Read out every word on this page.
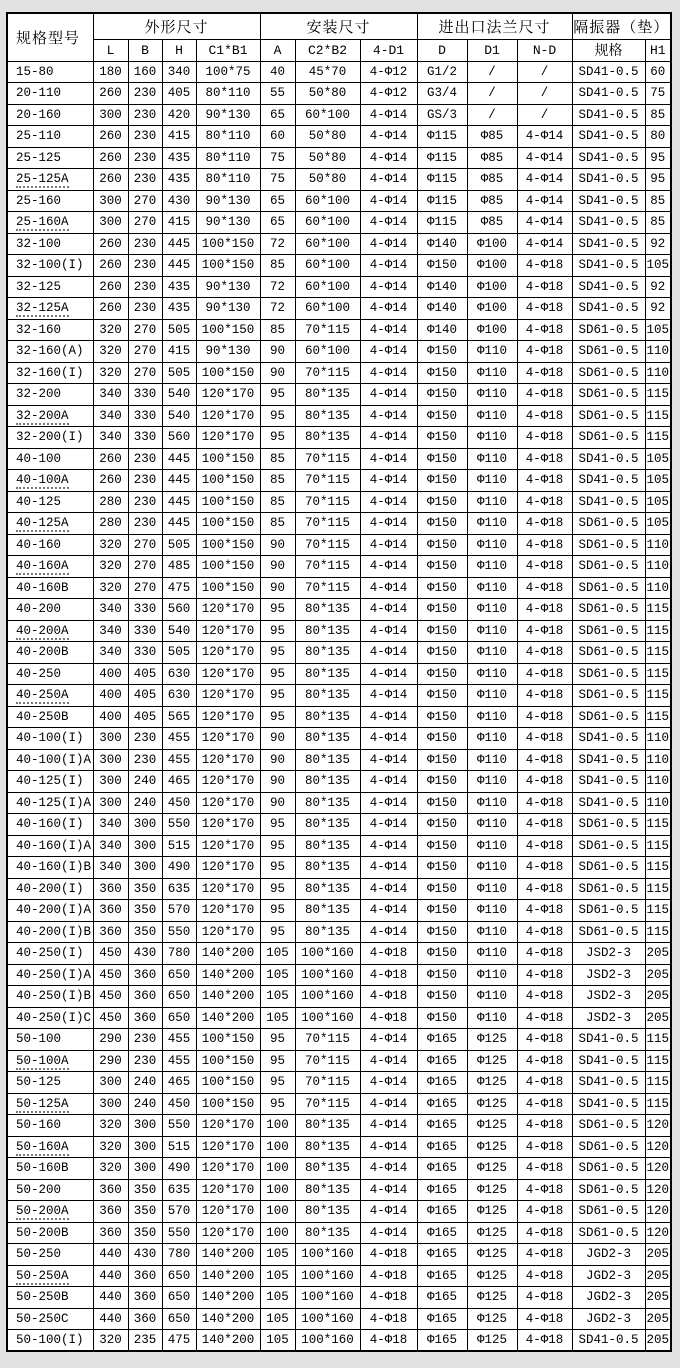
规格型号	外形尺寸				安装尺寸			进出口法兰尺寸			隔振器（垫）	
	L	B	H	C1*B1	A	C2*B2	4-D1	D	D1	N-D	规格	H1
15-80	180	160	340	100*75	40	45*70	4-Φ12	G1/2	/	/	SD41-0.5	60
20-110	260	230	405	80*110	55	50*80	4-Φ12	G3/4	/	/	SD41-0.5	75
20-160	300	230	420	90*130	65	60*100	4-Φ14	GS/3	/	/	SD41-0.5	85
25-110	260	230	415	80*110	60	50*80	4-Φ14	Φ115	Φ85	4-Φ14	SD41-0.5	80
25-125	260	230	435	80*110	75	50*80	4-Φ14	Φ115	Φ85	4-Φ14	SD41-0.5	95
25-125A	260	230	435	80*110	75	50*80	4-Φ14	Φ115	Φ85	4-Φ14	SD41-0.5	95
25-160	300	270	430	90*130	65	60*100	4-Φ14	Φ115	Φ85	4-Φ14	SD41-0.5	85
25-160A	300	270	415	90*130	65	60*100	4-Φ14	Φ115	Φ85	4-Φ14	SD41-0.5	85
32-100	260	230	445	100*150	72	60*100	4-Φ14	Φ140	Φ100	4-Φ14	SD41-0.5	92
32-100(I)	260	230	445	100*150	85	60*100	4-Φ14	Φ150	Φ100	4-Φ18	SD41-0.5	105
32-125	260	230	435	90*130	72	60*100	4-Φ14	Φ140	Φ100	4-Φ18	SD41-0.5	92
32-125A	260	230	435	90*130	72	60*100	4-Φ14	Φ140	Φ100	4-Φ18	SD41-0.5	92
32-160	320	270	505	100*150	85	70*115	4-Φ14	Φ140	Φ100	4-Φ18	SD61-0.5	105
32-160(A)	320	270	415	90*130	90	60*100	4-Φ14	Φ150	Φ110	4-Φ18	SD61-0.5	110
32-160(I)	320	270	505	100*150	90	70*115	4-Φ14	Φ150	Φ110	4-Φ18	SD61-0.5	110
32-200	340	330	540	120*170	95	80*135	4-Φ14	Φ150	Φ110	4-Φ18	SD61-0.5	115
32-200A	340	330	540	120*170	95	80*135	4-Φ14	Φ150	Φ110	4-Φ18	SD61-0.5	115
32-200(I)	340	330	560	120*170	95	80*135	4-Φ14	Φ150	Φ110	4-Φ18	SD61-0.5	115
40-100	260	230	445	100*150	85	70*115	4-Φ14	Φ150	Φ110	4-Φ18	SD41-0.5	105
40-100A	260	230	445	100*150	85	70*115	4-Φ14	Φ150	Φ110	4-Φ18	SD41-0.5	105
40-125	280	230	445	100*150	85	70*115	4-Φ14	Φ150	Φ110	4-Φ18	SD41-0.5	105
40-125A	280	230	445	100*150	85	70*115	4-Φ14	Φ150	Φ110	4-Φ18	SD61-0.5	105
40-160	320	270	505	100*150	90	70*115	4-Φ14	Φ150	Φ110	4-Φ18	SD61-0.5	110
40-160A	320	270	485	100*150	90	70*115	4-Φ14	Φ150	Φ110	4-Φ18	SD61-0.5	110
40-160B	320	270	475	100*150	90	70*115	4-Φ14	Φ150	Φ110	4-Φ18	SD61-0.5	110
40-200	340	330	560	120*170	95	80*135	4-Φ14	Φ150	Φ110	4-Φ18	SD61-0.5	115
40-200A	340	330	540	120*170	95	80*135	4-Φ14	Φ150	Φ110	4-Φ18	SD61-0.5	115
40-200B	340	330	505	120*170	95	80*135	4-Φ14	Φ150	Φ110	4-Φ18	SD61-0.5	115
40-250	400	405	630	120*170	95	80*135	4-Φ14	Φ150	Φ110	4-Φ18	SD61-0.5	115
40-250A	400	405	630	120*170	95	80*135	4-Φ14	Φ150	Φ110	4-Φ18	SD61-0.5	115
40-250B	400	405	565	120*170	95	80*135	4-Φ14	Φ150	Φ110	4-Φ18	SD61-0.5	115
40-100(I)	300	230	455	120*170	90	80*135	4-Φ14	Φ150	Φ110	4-Φ18	SD41-0.5	110
40-100(I)A	300	230	455	120*170	90	80*135	4-Φ14	Φ150	Φ110	4-Φ18	SD41-0.5	110
40-125(I)	300	240	465	120*170	90	80*135	4-Φ14	Φ150	Φ110	4-Φ18	SD41-0.5	110
40-125(I)A	300	240	450	120*170	90	80*135	4-Φ14	Φ150	Φ110	4-Φ18	SD41-0.5	110
40-160(I)	340	300	550	120*170	95	80*135	4-Φ14	Φ150	Φ110	4-Φ18	SD61-0.5	115
40-160(I)A	340	300	515	120*170	95	80*135	4-Φ14	Φ150	Φ110	4-Φ18	SD61-0.5	115
40-160(I)B	340	300	490	120*170	95	80*135	4-Φ14	Φ150	Φ110	4-Φ18	SD61-0.5	115
40-200(I)	360	350	635	120*170	95	80*135	4-Φ14	Φ150	Φ110	4-Φ18	SD61-0.5	115
40-200(I)A	360	350	570	120*170	95	80*135	4-Φ14	Φ150	Φ110	4-Φ18	SD61-0.5	115
40-200(I)B	360	350	550	120*170	95	80*135	4-Φ14	Φ150	Φ110	4-Φ18	SD61-0.5	115
40-250(I)	450	430	780	140*200	105	100*160	4-Φ18	Φ150	Φ110	4-Φ18	JSD2-3	205
40-250(I)A	450	360	650	140*200	105	100*160	4-Φ18	Φ150	Φ110	4-Φ18	JSD2-3	205
40-250(I)B	450	360	650	140*200	105	100*160	4-Φ18	Φ150	Φ110	4-Φ18	JSD2-3	205
40-250(I)C	450	360	650	140*200	105	100*160	4-Φ18	Φ150	Φ110	4-Φ18	JSD2-3	205
50-100	290	230	455	100*150	95	70*115	4-Φ14	Φ165	Φ125	4-Φ18	SD41-0.5	115
50-100A	290	230	455	100*150	95	70*115	4-Φ14	Φ165	Φ125	4-Φ18	SD41-0.5	115
50-125	300	240	465	100*150	95	70*115	4-Φ14	Φ165	Φ125	4-Φ18	SD41-0.5	115
50-125A	300	240	450	100*150	95	70*115	4-Φ14	Φ165	Φ125	4-Φ18	SD41-0.5	115
50-160	320	300	550	120*170	100	80*135	4-Φ14	Φ165	Φ125	4-Φ18	SD61-0.5	120
50-160A	320	300	515	120*170	100	80*135	4-Φ14	Φ165	Φ125	4-Φ18	SD61-0.5	120
50-160B	320	300	490	120*170	100	80*135	4-Φ14	Φ165	Φ125	4-Φ18	SD61-0.5	120
50-200	360	350	635	120*170	100	80*135	4-Φ14	Φ165	Φ125	4-Φ18	SD61-0.5	120
50-200A	360	350	570	120*170	100	80*135	4-Φ14	Φ165	Φ125	4-Φ18	SD61-0.5	120
50-200B	360	350	550	120*170	100	80*135	4-Φ14	Φ165	Φ125	4-Φ18	SD61-0.5	120
50-250	440	430	780	140*200	105	100*160	4-Φ18	Φ165	Φ125	4-Φ18	JGD2-3	205
50-250A	440	360	650	140*200	105	100*160	4-Φ18	Φ165	Φ125	4-Φ18	JGD2-3	205
50-250B	440	360	650	140*200	105	100*160	4-Φ18	Φ165	Φ125	4-Φ18	JGD2-3	205
50-250C	440	360	650	140*200	105	100*160	4-Φ18	Φ165	Φ125	4-Φ18	JGD2-3	205
50-100(I)	320	235	475	140*200	105	100*160	4-Φ18	Φ165	Φ125	4-Φ18	SD41-0.5	205
